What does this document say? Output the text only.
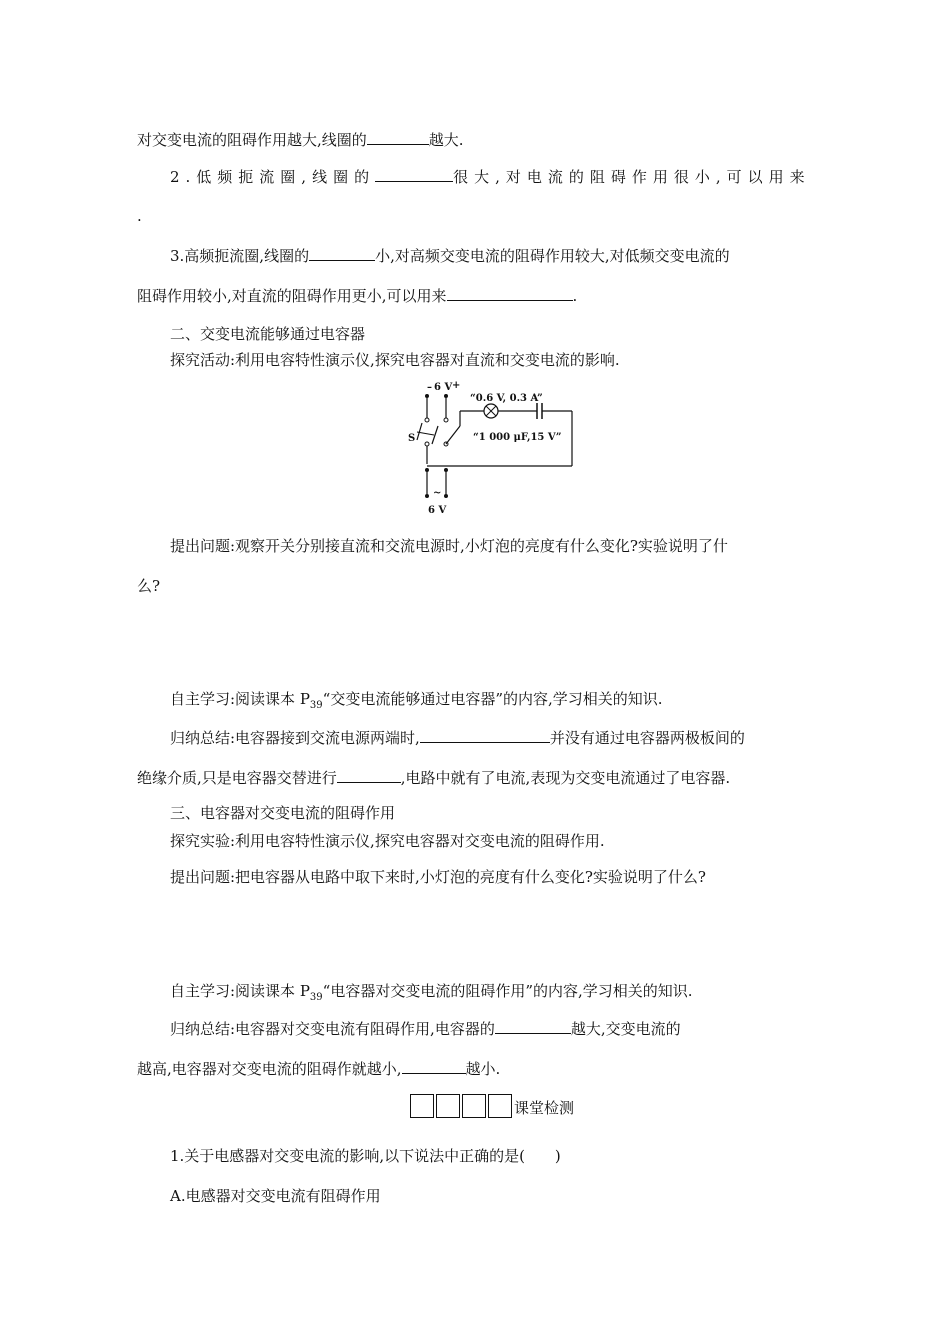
对交变电流的阻碍作用越大,线圈的	越大.
2.低频扼流圈,线圈的	很大,对电流的阻碍作用很小,可以用来
.
3.高频扼流圈,线圈的	小,对高频交变电流的阻碍作用较大,对低频交变电流的
阻碍作用较小,对直流的阻碍作用更小,可以用来	.
二、交变电流能够通过电容器
探究活动:利用电容特性演示仪,探究电容器对直流和交变电流的影响.
– 6 V +
S
“0.6 V, 0.3 A”
“1 000 μF,15 V”
~
6 V
提出问题:观察开关分别接直流和交流电源时,小灯泡的亮度有什么变化?实验说明了什
么?
自主学习:阅读课本 $P_{39}“$交变电流能够通过电容器”的内容,学习相关的知识.
归纳总结:电容器接到交流电源两端时,	并没有通过电容器两极板间的
绝缘介质,只是电容器交替进行	,电路中就有了电流,表现为交变电流通过了电容器.
三、电容器对交变电流的阻碍作用
探究实验:利用电容特性演示仪,探究电容器对交变电流的阻碍作用.
提出问题:把电容器从电路中取下来时,小灯泡的亮度有什么变化?实验说明了什么?
自主学习:阅读课本 $P_{39}“$电容器对交变电流的阻碍作用”的内容,学习相关的知识.
归纳总结:电容器对交变电流有阻碍作用,电容器的	越大,交变电流的
越高,电容器对交变电流的阻碍作就越小,	越小.
课堂检测
1.关于电感器对交变电流的影响,以下说法中正确的是(　　)
A.电感器对交变电流有阻碍作用
